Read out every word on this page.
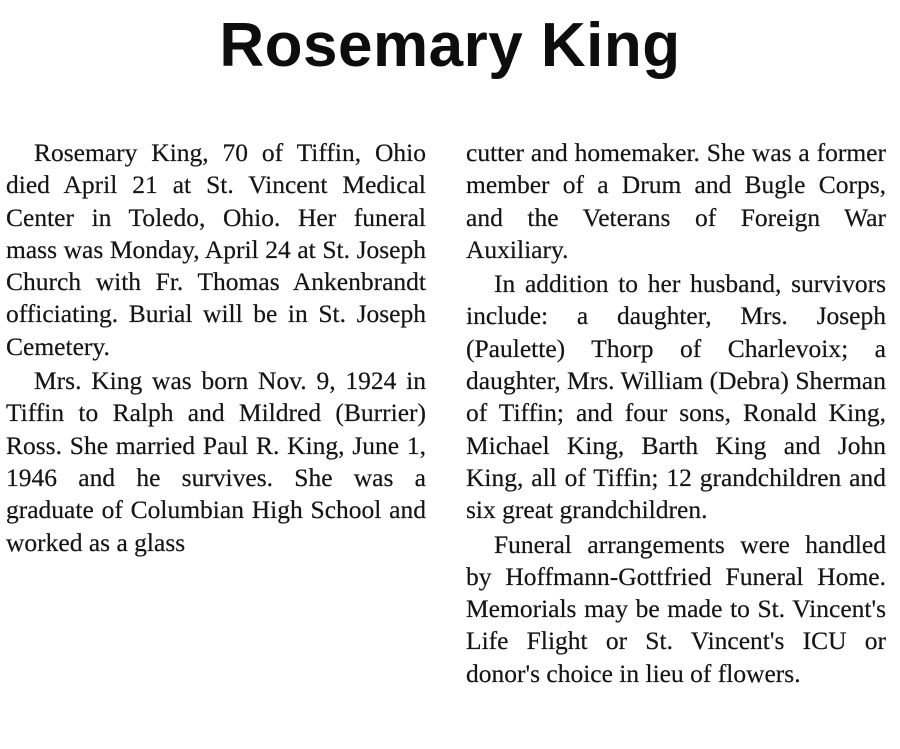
Rosemary King

Rosemary King, 70 of Tiffin, Ohio died April 21 at St. Vincent Medical Center in Toledo, Ohio. Her funeral mass was Monday, April 24 at St. Joseph Church with Fr. Thomas Ankenbrandt officiating. Burial will be in St. Joseph Cemetery.

Mrs. King was born Nov. 9, 1924 in Tiffin to Ralph and Mildred (Burrier) Ross. She married Paul R. King, June 1, 1946 and he survives. She was a graduate of Columbian High School and worked as a glass

cutter and homemaker. She was a former member of a Drum and Bugle Corps, and the Veterans of Foreign War Auxiliary.

In addition to her husband, survivors include: a daughter, Mrs. Joseph (Paulette) Thorp of Charlevoix; a daughter, Mrs. William (Debra) Sherman of Tiffin; and four sons, Ronald King, Michael King, Barth King and John King, all of Tiffin; 12 grandchildren and six great grandchildren.

Funeral arrangements were handled by Hoffmann-Gottfried Funeral Home. Memorials may be made to St. Vincent's Life Flight or St. Vincent's ICU or donor's choice in lieu of flowers.
